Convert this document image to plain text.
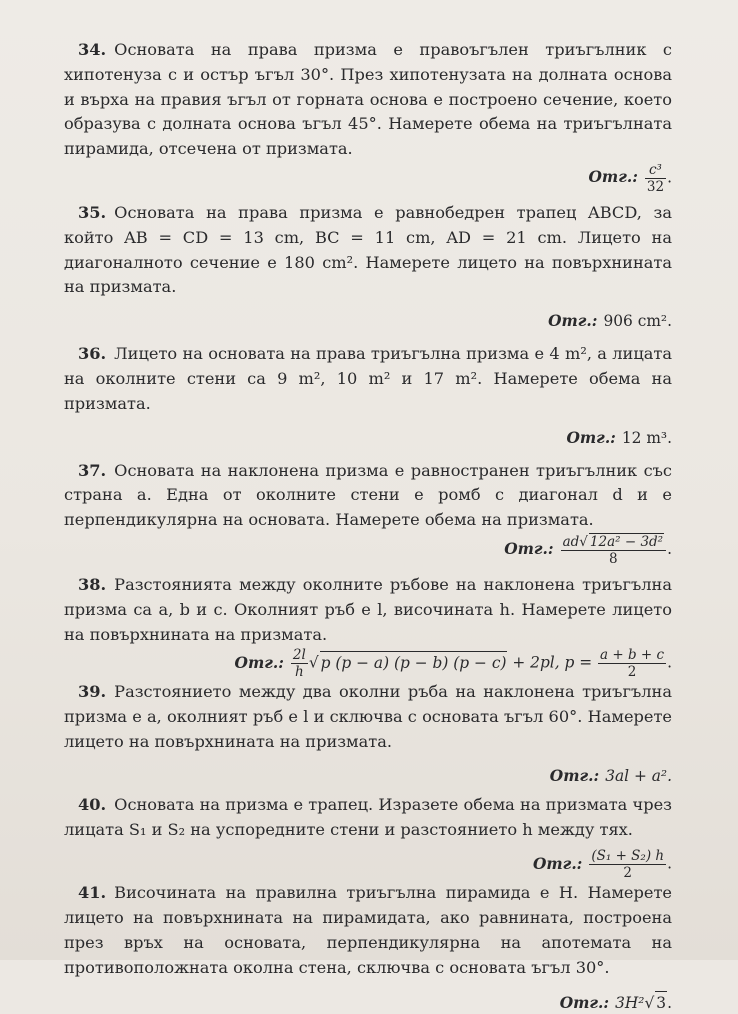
34. Основата на права призма е правоъгълен триъгълник с хипотенуза c и остър ъгъл 30°. През хипотенузата на долната основа и върха на правия ъгъл от горната основа е построено сечение, което образува с долната основа ъгъл 45°. Намерете обема на триъгълната пирамида, отсечена от призмата.

Отг.: $\frac{\text{c³}}{32}$ .

35. Основата на права призма е равнобедрен трапец ABCD, за който AB = CD = 13 cm, BC = 11 cm, AD = 21 cm. Лицето на диагоналното сечение е 180 cm². Намерете лицето на повърхнината на призмата.

Отг.: 906 cm².

36. Лицето на основата на права триъгълна призма е 4 m², а лицата на околните стени са 9 m², 10 m² и 17 m². Намерете обема на призмата.

Отг.: 12 m³.

37. Основата на наклонена призма е равностранен триъгълник със страна a. Една от околните стени е ромб с диагонал d и е перпендикулярна на основата. Намерете обема на призмата.

Отг.: $\frac{\text{ad√ 12a² − 3d²}}{8}$ .

38. Разстоянията между околните ръбове на наклонена триъгълна призма са a, b и c. Околният ръб е l, височината h. Намерете лицето на повърхнината на призмата.

Отг.: $\frac{2l}{h}$ √ p (p − a) (p − b) (p − c) + 2pl, $p = \frac{a + b + c}{2}$ .

39. Разстоянието между два околни ръба на наклонена триъгълна призма е a, околният ръб е l и сключва с основата ъгъл 60°. Намерете лицето на повърхнината на призмата.

Отг.: 3al + a².

40. Основата на призма е трапец. Изразете обема на призмата чрез лицата S₁ и S₂ на успоредните стени и разстоянието h между тях.

Отг.: $\frac{\text{(S₁ + S₂) h}}{2}$ .

41. Височината на правилна триъгълна пирамида е H. Намерете лицето на повърхнината на пирамидата, ако равнината, построена през връх на основата, перпендикулярна на апотемата на противоположната околна стена, сключва с основата ъгъл 30°.

Отг.: 3H²√ 3.
